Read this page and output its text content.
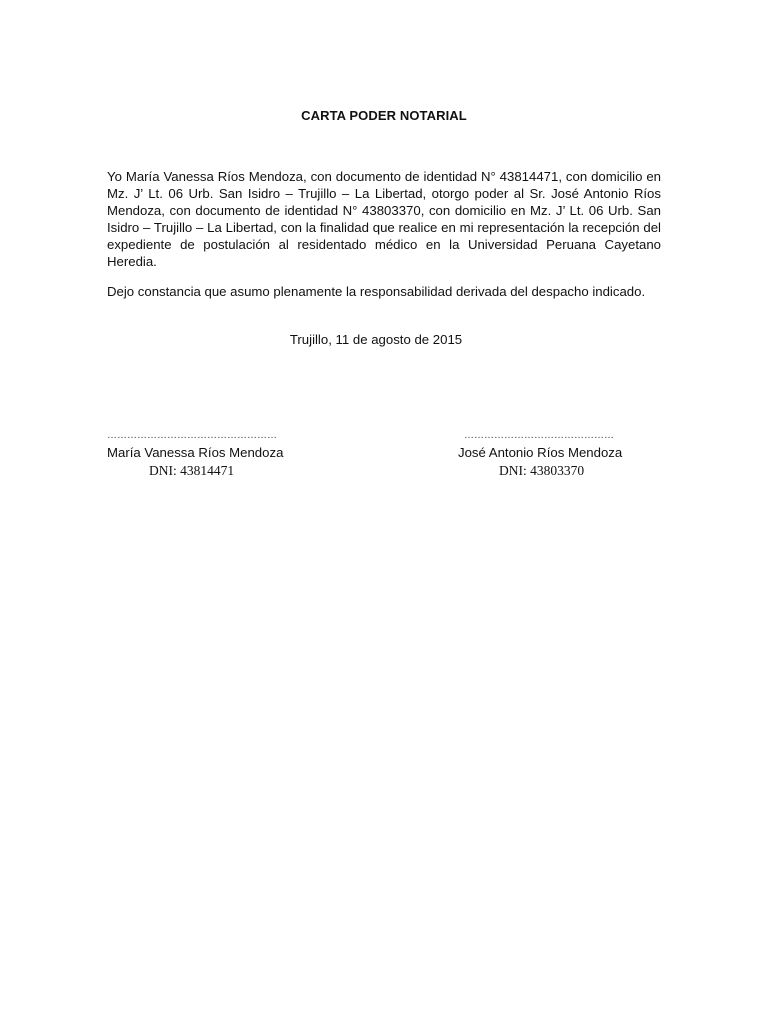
CARTA PODER NOTARIAL

Yo María Vanessa Ríos Mendoza, con documento de identidad N° 43814471, con domicilio en Mz. J’ Lt. 06 Urb. San Isidro – Trujillo – La Libertad, otorgo poder al Sr. José Antonio Ríos Mendoza, con documento de identidad N° 43803370, con domicilio en Mz. J’ Lt. 06 Urb. San Isidro – Trujillo – La Libertad, con la finalidad que realice en mi representación la recepción del expediente de postulación al residentado médico en la Universidad Peruana Cayetano Heredia.

Dejo constancia que asumo plenamente la responsabilidad derivada del despacho indicado.

Trujillo, 11 de agosto de 2015
……………………………………………
María Vanessa Ríos Mendoza
DNI: 43814471
………………………………………
José Antonio Ríos Mendoza
DNI: 43803370
